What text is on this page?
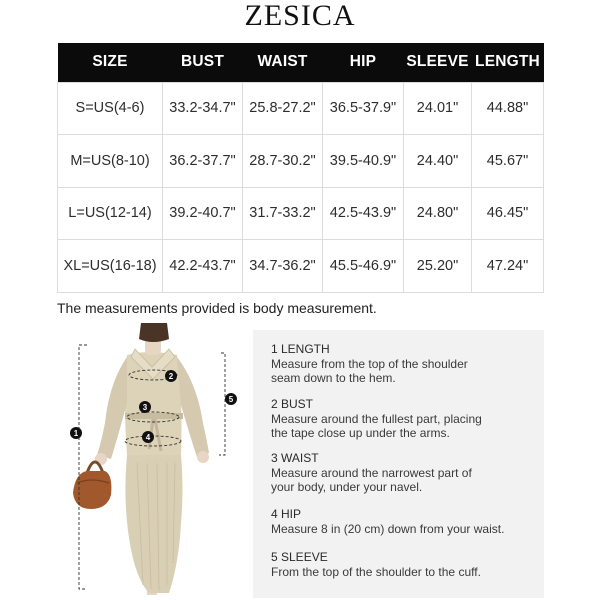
ZESICA
SIZE	BUST	WAIST	HIP	SLEEVE	LENGTH
S=US(4-6)	33.2-34.7"	25.8-27.2"	36.5-37.9"	24.01"	44.88"
M=US(8-10)	36.2-37.7"	28.7-30.2"	39.5-40.9"	24.40"	45.67"
L=US(12-14)	39.2-40.7"	31.7-33.2"	42.5-43.9"	24.80"	46.45"
XL=US(16-18)	42.2-43.7"	34.7-36.2"	45.5-46.9"	25.20"	47.24"
The measurements provided is body measurement.
1
2
3
4
5
1 LENGTH
Measure from the top of the shoulder
seam down to the hem.
2 BUST
Measure around the fullest part, placing
the tape close up under the arms.
3 WAIST
Measure around the narrowest part of
your body, under your navel.
4 HIP
Measure 8 in (20 cm) down from your waist.
5 SLEEVE
From the top of the shoulder to the cuff.
